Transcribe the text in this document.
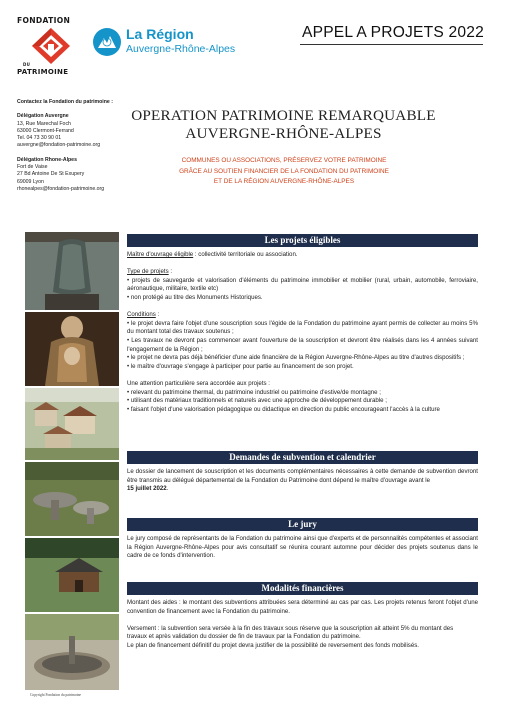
FONDATION
DU
PATRIMOINE
La Région
Auvergne-Rhône-Alpes
APPEL A PROJETS 2022
Contactez la Fondation du patrimoine :
Délégation Auvergne
13, Rue Marechal Foch
63000 Clermont-Ferrand
Tel. 04 73 30 90 01
auvergne@fondation-patrimoine.org
Délégation Rhone-Alpes
Fort de Vaise
27 Bd Antoine De St Exupery
69009 Lyon
rhonealpes@fondation-patrimoine.org
OPERATION PATRIMOINE REMARQUABLE
AUVERGNE-RHÔNE-ALPES
COMMUNES OU ASSOCIATIONS, PRÉSERVEZ VOTRE PATRIMOINE
GRÂCE AU SOUTIEN FINANCIER DE LA FONDATION DU PATRIMOINE
ET DE LA RÉGION AUVERGNE-RHÔNE-ALPES
Copyright Fondation du patrimoine
Les projets éligibles
Maître d'ouvrage éligible : collectivité territoriale ou association.
Type de projets :
• projets de sauvegarde et valorisation d'éléments du patrimoine immobilier et mobilier (rural, urbain, automobile, ferroviaire, aéronautique, militaire, textile etc)
• non protégé au titre des Monuments Historiques.
Conditions :
• le projet devra faire l'objet d'une souscription sous l'égide de la Fondation du patrimoine ayant permis de collecter au moins 5% du montant total des travaux soutenus ;
• Les travaux ne devront pas commencer avant l'ouverture de la souscription et devront être réalisés dans les 4 années suivant l'engagement de la Région ;
• le projet ne devra pas déjà bénéficier d'une aide financière de la Région Auvergne-Rhône-Alpes au titre d'autres dispositifs ;
• le maître d'ouvrage s'engage à participer pour partie au financement de son projet.
Une attention particulière sera accordée aux projets :
• relevant du patrimoine thermal, du patrimoine industriel ou patrimoine d'estive/de montagne ;
• utilisant des matériaux traditionnels et naturels avec une approche de développement durable ;
• faisant l'objet d'une valorisation pédagogique ou didactique en direction du public encourageant l'accès à la culture
Demandes de subvention et calendrier
Le dossier de lancement de souscription et les documents complémentaires nécessaires à cette demande de subvention devront être transmis au délégué départemental de la Fondation du Patrimoine dont dépend le maître d'ouvrage avant le
15 juillet 2022.
Le jury
Le jury composé de représentants de la Fondation du patrimoine ainsi que d'experts et de personnalités compétentes et associant la Région Auvergne-Rhône-Alpes pour avis consultatif se réunira courant automne pour décider des projets soutenus dans le cadre de ce fonds d'intervention.
Modalités financières
Montant des aides : le montant des subventions attribuées sera déterminé au cas par cas. Les projets retenus feront l'objet d'une convention de financement avec la Fondation du patrimoine.
Versement : la subvention sera versée à la fin des travaux sous réserve que la souscription ait atteint 5% du montant des
travaux et après validation du dossier de fin de travaux par la Fondation du patrimoine.
Le plan de financement définitif du projet devra justifier de la possibilité de reversement des fonds mobilisés.
